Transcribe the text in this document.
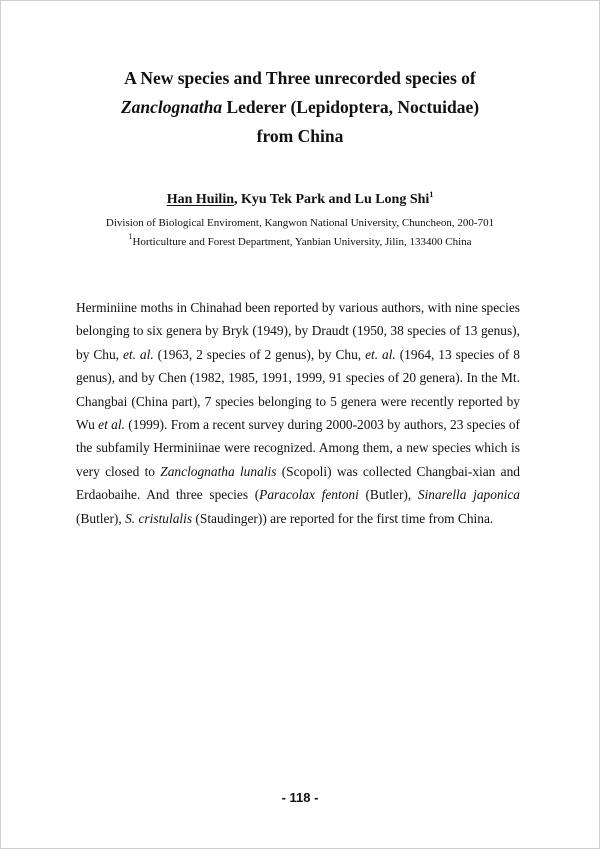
A New species and Three unrecorded species of
Zanclognatha Lederer (Lepidoptera, Noctuidae)
from China
Han Huilin, Kyu Tek Park and Lu Long Shi$^1$
Division of Biological Enviroment, Kangwon National University, Chuncheon, 200-701
$^1$Horticulture and Forest Department, Yanbian University, Jilin, 133400 China
Herminiine moths in Chinahad been reported by various authors, with nine species belonging to six genera by Bryk (1949), by Draudt (1950, 38 species of 13 genus), by Chu, et. al. (1963, 2 species of 2 genus), by Chu, et. al. (1964, 13 species of 8 genus), and by Chen (1982, 1985, 1991, 1999, 91 species of 20 genera). In the Mt. Changbai (China part), 7 species belonging to 5 genera were recently reported by Wu et al. (1999). From a recent survey during 2000-2003 by authors, 23 species of the subfamily Herminiinae were recognized. Among them, a new species which is very closed to Zanclognatha lunalis (Scopoli) was collected Changbai-xian and Erdaobaihe. And three species (Paracolax fentoni (Butler), Sinarella japonica (Butler), S. cristulalis (Staudinger)) are reported for the first time from China.
- 118 -
